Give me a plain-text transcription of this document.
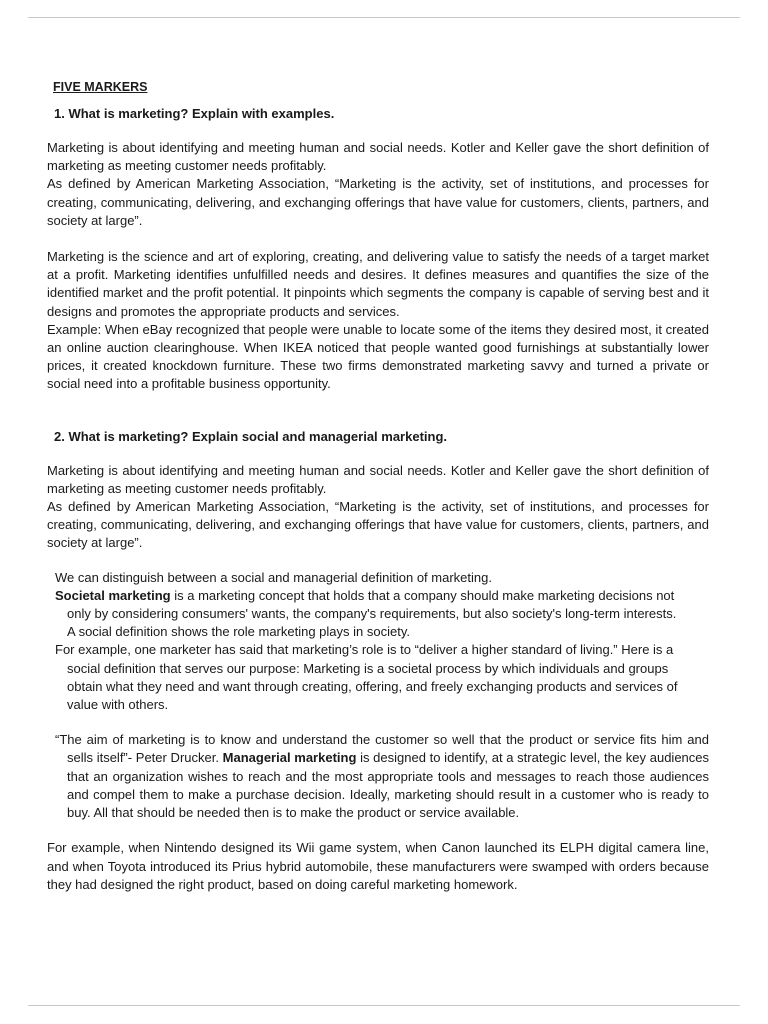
FIVE MARKERS

1. What is marketing? Explain with examples.

Marketing is about identifying and meeting human and social needs. Kotler and Keller gave the short definition of marketing as meeting customer needs profitably.

As defined by American Marketing Association, “Marketing is the activity, set of institutions, and processes for creating, communicating, delivering, and exchanging offerings that have value for customers, clients, partners, and society at large”.

Marketing is the science and art of exploring, creating, and delivering value to satisfy the needs of a target market at a profit. Marketing identifies unfulfilled needs and desires. It defines measures and quantifies the size of the identified market and the profit potential. It pinpoints which segments the company is capable of serving best and it designs and promotes the appropriate products and services.

Example: When eBay recognized that people were unable to locate some of the items they desired most, it created an online auction clearinghouse. When IKEA noticed that people wanted good furnishings at substantially lower prices, it created knockdown furniture. These two firms demonstrated marketing savvy and turned a private or social need into a profitable business opportunity.

2. What is marketing? Explain social and managerial marketing.

Marketing is about identifying and meeting human and social needs. Kotler and Keller gave the short definition of marketing as meeting customer needs profitably.

As defined by American Marketing Association, “Marketing is the activity, set of institutions, and processes for creating, communicating, delivering, and exchanging offerings that have value for customers, clients, partners, and society at large”.

We can distinguish between a social and managerial definition of marketing.

Societal marketing is a marketing concept that holds that a company should make marketing decisions not only by considering consumers' wants, the company's requirements, but also society's long-term interests. A social definition shows the role marketing plays in society.

For example, one marketer has said that marketing’s role is to “deliver a higher standard of living.” Here is a social definition that serves our purpose: Marketing is a societal process by which individuals and groups obtain what they need and want through creating, offering, and freely exchanging products and services of value with others.

“The aim of marketing is to know and understand the customer so well that the product or service fits him and sells itself”- Peter Drucker. Managerial marketing is designed to identify, at a strategic level, the key audiences that an organization wishes to reach and the most appropriate tools and messages to reach those audiences and compel them to make a purchase decision. Ideally, marketing should result in a customer who is ready to buy. All that should be needed then is to make the product or service available.

For example, when Nintendo designed its Wii game system, when Canon launched its ELPH digital camera line, and when Toyota introduced its Prius hybrid automobile, these manufacturers were swamped with orders because they had designed the right product, based on doing careful marketing homework.
